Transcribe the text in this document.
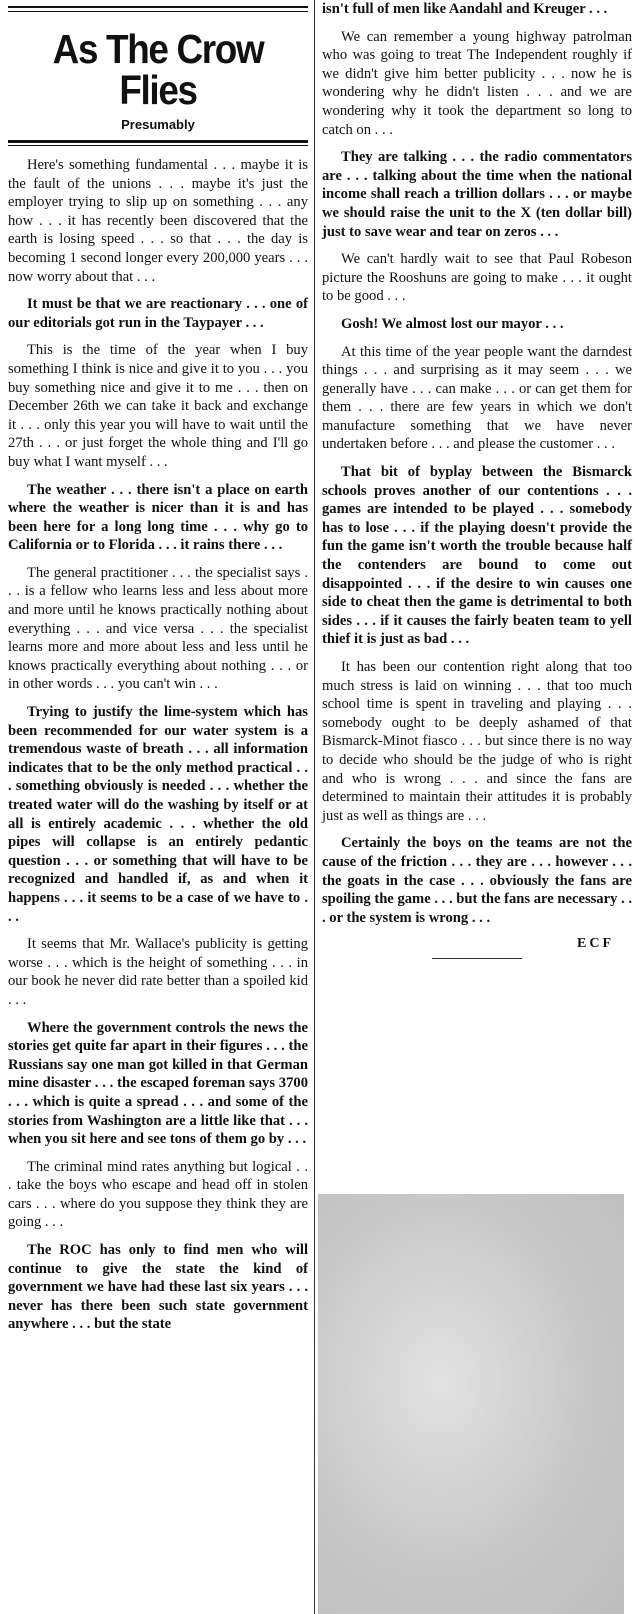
As The Crow Flies
Presumably

Here's something fundamental . . . maybe it is the fault of the unions . . . maybe it's just the employer trying to slip up on something . . . any how . . . it has recently been discovered that the earth is losing speed . . . so that . . . the day is becoming 1 second longer every 200,000 years . . . now worry about that . . .

It must be that we are reactionary . . . one of our editorials got run in the Taypayer . . .

This is the time of the year when I buy something I think is nice and give it to you . . . you buy something nice and give it to me . . . then on December 26th we can take it back and exchange it . . . only this year you will have to wait until the 27th . . . or just forget the whole thing and I'll go buy what I want myself . . .

The weather . . . there isn't a place on earth where the weather is nicer than it is and has been here for a long long time . . . why go to California or to Florida . . . it rains there . . .

The general practitioner . . . the specialist says . . . is a fellow who learns less and less about more and more until he knows practically nothing about everything . . . and vice versa . . . the specialist learns more and more about less and less until he knows practically everything about nothing . . . or in other words . . . you can't win . . .

Trying to justify the lime-system which has been recommended for our water system is a tremendous waste of breath . . . all information indicates that to be the only method practical . . . something obviously is needed . . . whether the treated water will do the washing by itself or at all is entirely academic . . . whether the old pipes will collapse is an entirely pedantic question . . . or something that will have to be recognized and handled if, as and when it happens . . . it seems to be a case of we have to . . .

It seems that Mr. Wallace's publicity is getting worse . . . which is the height of something . . . in our book he never did rate better than a spoiled kid . . .

Where the government controls the news the stories get quite far apart in their figures . . . the Russians say one man got killed in that German mine disaster . . . the escaped foreman says 3700 . . . which is quite a spread . . . and some of the stories from Washington are a little like that . . . when you sit here and see tons of them go by . . .

The criminal mind rates anything but logical . . . take the boys who escape and head off in stolen cars . . . where do you suppose they think they are going . . .

The ROC has only to find men who will continue to give the state the kind of government we have had these last six years . . . never has there been such state government anywhere . . . but the state

isn't full of men like Aandahl and Kreuger . . .

We can remember a young highway patrolman who was going to treat The Independent roughly if we didn't give him better publicity . . . now he is wondering why he didn't listen . . . and we are wondering why it took the department so long to catch on . . .

They are talking . . . the radio commentators are . . . talking about the time when the national income shall reach a trillion dollars . . . or maybe we should raise the unit to the X (ten dollar bill) just to save wear and tear on zeros . . .

We can't hardly wait to see that Paul Robeson picture the Rooshuns are going to make . . . it ought to be good . . .

Gosh! We almost lost our mayor . . .

At this time of the year people want the darndest things . . . and surprising as it may seem . . . we generally have . . . can make . . . or can get them for them . . . there are few years in which we don't manufacture something that we have never undertaken before . . . and please the customer . . .

That bit of byplay between the Bismarck schools proves another of our contentions . . . games are intended to be played . . . somebody has to lose . . . if the playing doesn't provide the fun the game isn't worth the trouble because half the contenders are bound to come out disappointed . . . if the desire to win causes one side to cheat then the game is detrimental to both sides . . . if it causes the fairly beaten team to yell thief it is just as bad . . .

It has been our contention right along that too much stress is laid on winning . . . that too much school time is spent in traveling and playing . . . somebody ought to be deeply ashamed of that Bismarck-Minot fiasco . . . but since there is no way to decide who should be the judge of who is right and who is wrong . . . and since the fans are determined to maintain their attitudes it is probably just as well as things are . . .

Certainly the boys on the teams are not the cause of the friction . . . they are . . . however . . . the goats in the case . . . obviously the fans are spoiling the game . . . but the fans are necessary . . . or the system is wrong . . .

ECF
